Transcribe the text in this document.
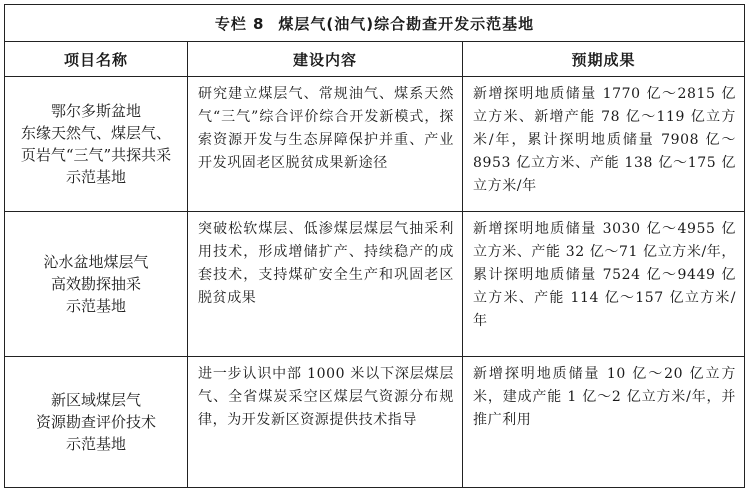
专栏 8 煤层气(油气)综合勘查开发示范基地		
项目名称	建设内容	预期成果

鄂尔多斯盆地
东缘天然气、煤层气、
页岩气“三气”共探共采
示范基地	研究建立煤层气、常规油气、煤系天然气“三气”综合评价综合开发新模式，探索资源开发与生态屏障保护并重、产业开发巩固老区脱贫成果新途径	新增探明地质储量 1770 亿～2815 亿立方米、新增产能 78 亿～119 亿立方米/年，累计探明地质储量 7908 亿～8953 亿立方米、产能 138 亿～175 亿立方米/年

沁水盆地煤层气
高效勘探抽采
示范基地	突破松软煤层、低渗煤层煤层气抽采利用技术，形成增储扩产、持续稳产的成套技术，支持煤矿安全生产和巩固老区脱贫成果	新增探明地质储量 3030 亿～4955 亿立方米、产能 32 亿～71 亿立方米/年，累计探明地质储量 7524 亿～9449 亿立方米、产能 114 亿～157 亿立方米/年

新区域煤层气
资源勘查评价技术
示范基地	进一步认识中部 1000 米以下深层煤层气、全省煤炭采空区煤层气资源分布规律，为开发新区资源提供技术指导	新增探明地质储量 10 亿～20 亿立方米，建成产能 1 亿～2 亿立方米/年，并推广利用
